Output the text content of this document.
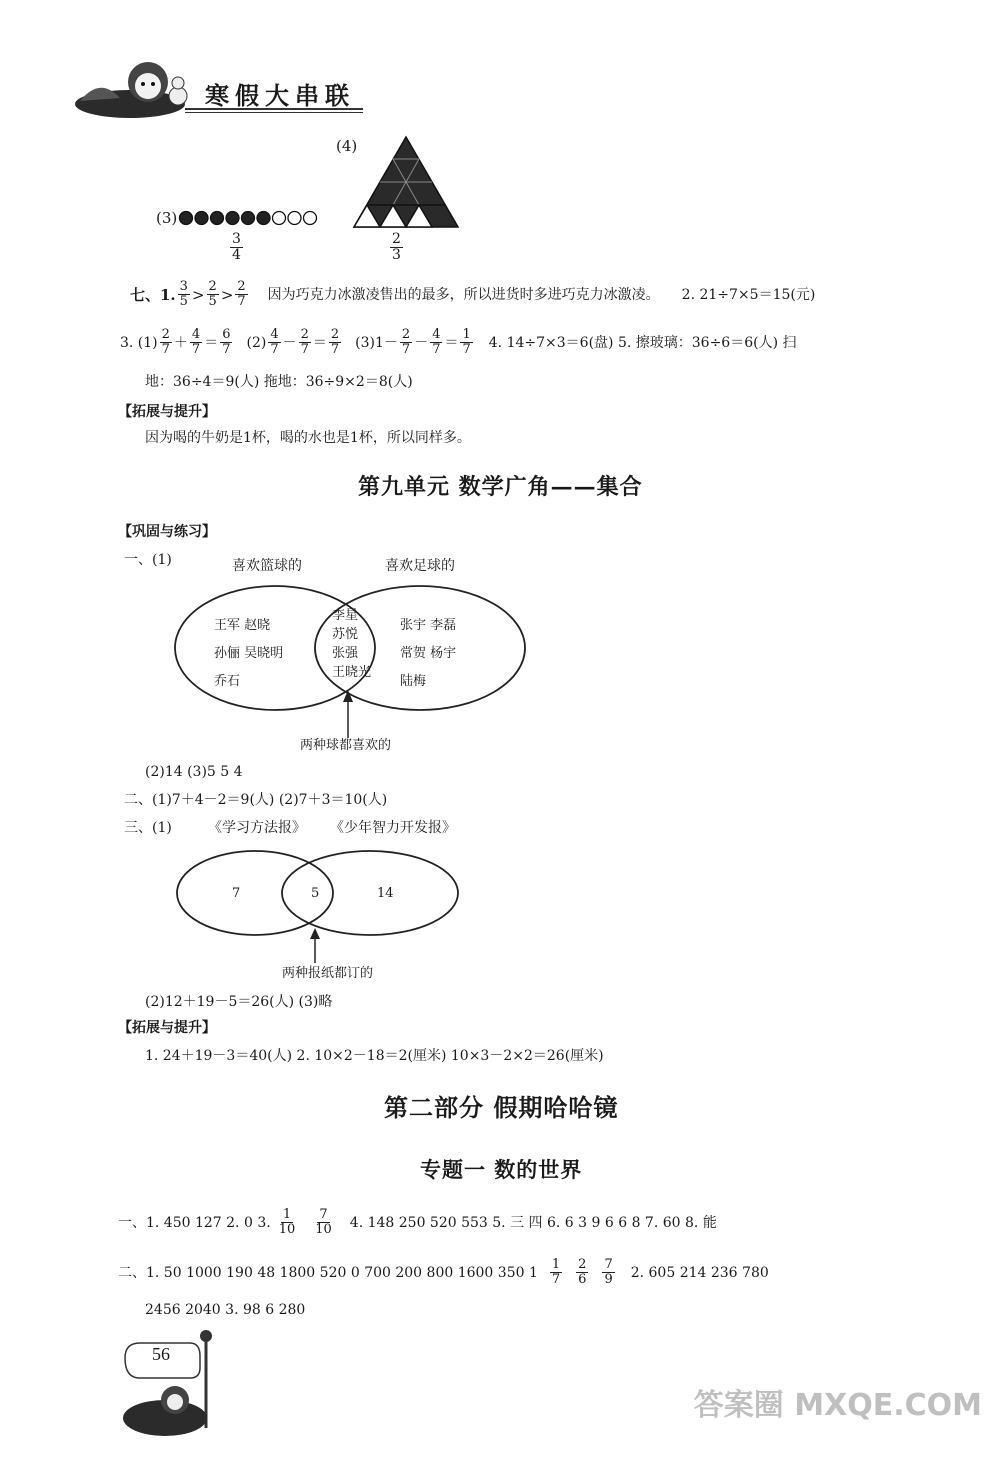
寒假大串联
(4)
$\frac{2}{3}$
(3)
$\frac{3}{4}$
七、1. $\frac{3}{5} > \frac{2}{5} > \frac{2}{7}$ 因为巧克力冰激凌售出的最多，所以进货时多进巧克力冰激凌。 2. 21÷7×5＝15(元)
3. $(1) \frac{2}{7} + \frac{4}{7} = \frac{6}{7} (2) \frac{4}{7} - \frac{2}{7} = \frac{2}{7} (3)1- \frac{2}{7} - \frac{4}{7} = \frac{1}{7} 4$. 14÷7×3＝6(盘) 5. 擦玻璃：36÷6＝6(人) 扫
地：36÷4＝9(人) 拖地：36÷9×2＝8(人)
【拓展与提升】
因为喝的牛奶是1杯，喝的水也是1杯，所以同样多。
第九单元 数学广角——集合
【巩固与练习】
一、(1)	喜欢篮球的	喜欢足球的
王军 赵晓
孙俪 吴晓明
乔石
李星
苏悦
张强
王晓光
张宇 李磊
常贺 杨宇
陆梅
两种球都喜欢的
(2)14 (3)5 5 4
二、(1)7＋4－2＝9(人) (2)7＋3＝10(人)
三、(1)	《学习方法报》 《少年智力开发报》
7	5	14
两种报纸都订的
(2)12＋19－5＝26(人) (3)略
【拓展与提升】
1. 24＋19－3＝40(人) 2. 10×2－18＝2(厘米) 10×3－2×2＝26(厘米)
第二部分 假期哈哈镜
专题一 数的世界
一、1. 450 127 2. 0 3. $\frac{1}{10} \frac{7}{10} 4$. 148 250 520 553 5. 三 四 6. 6 3 9 6 6 8 7. 60 8. 能
二、1. 50 1000 190 48 1800 520 0 700 200 800 1600 350 $1 \frac{1}{7} \frac{2}{6} \frac{7}{9} 2$. 605 214 236 780
2456 2040 3. 98 6 280
56
答案圈 MXQE.COM
